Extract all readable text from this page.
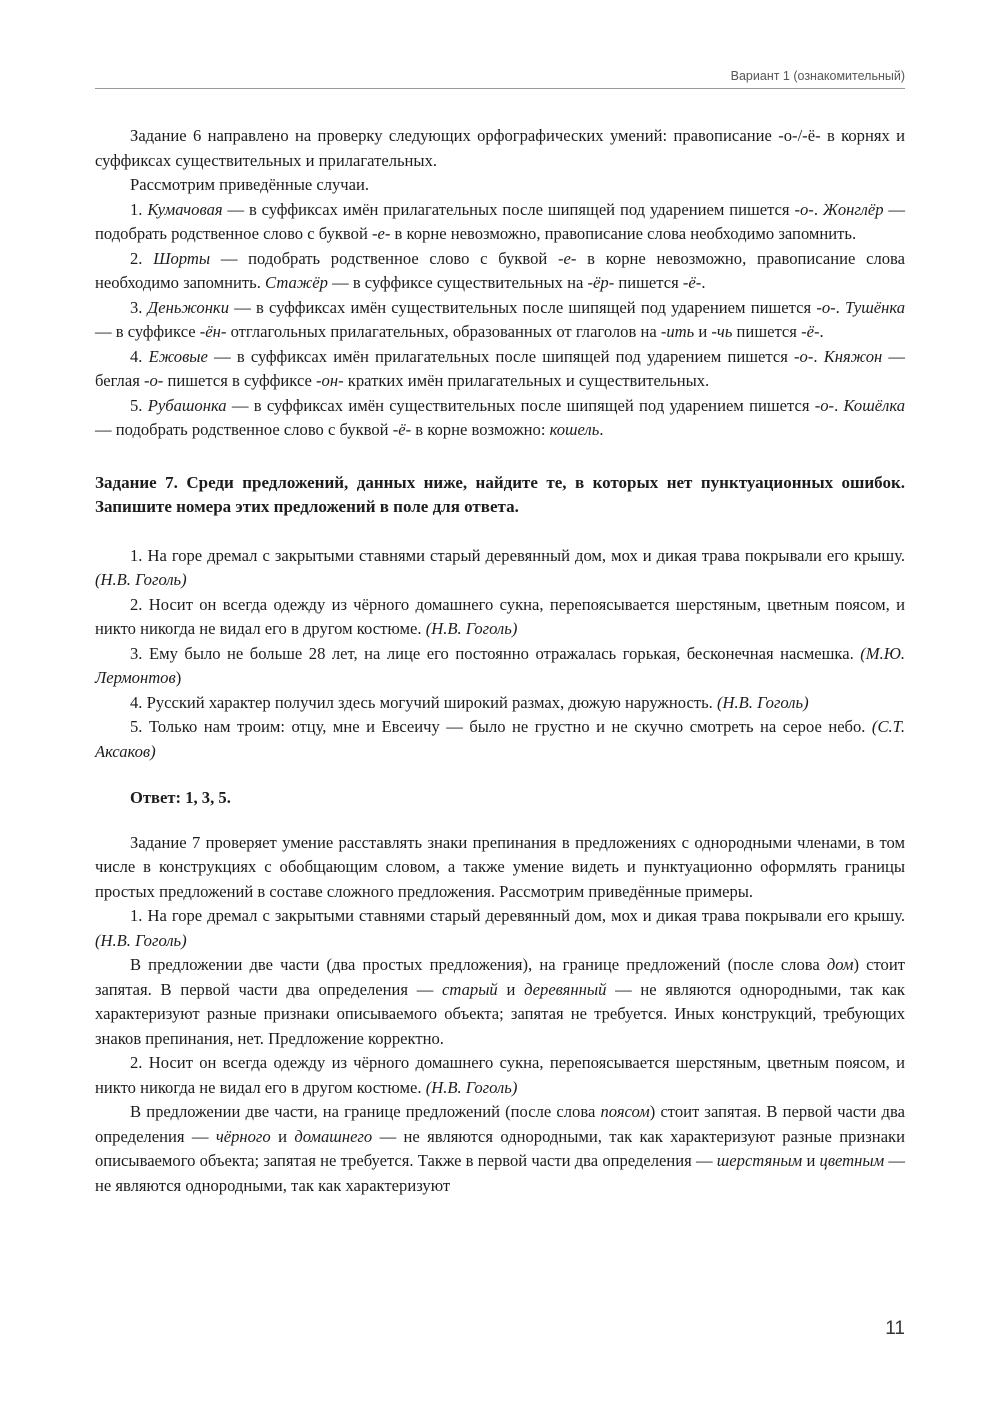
Вариант 1 (ознакомительный)

Задание 6 направлено на проверку следующих орфографических умений: правописание -о-/-ё- в корнях и суффиксах существительных и прилагательных.

Рассмотрим приведённые случаи.

1. Кумачовая — в суффиксах имён прилагательных после шипящей под ударением пишется -о-. Жонглёр — подобрать родственное слово с буквой -е- в корне невозможно, правописание слова необходимо запомнить.

2. Шорты — подобрать родственное слово с буквой -е- в корне невозможно, правописание слова необходимо запомнить. Стажёр — в суффиксе существительных на -ёр- пишется -ё-.

3. Деньжонки — в суффиксах имён существительных после шипящей под ударением пишется -о-. Тушёнка — в суффиксе -ён- отглагольных прилагательных, образованных от глаголов на -ить и -чь пишется -ё-.

4. Ежовые — в суффиксах имён прилагательных после шипящей под ударением пишется -о-. Княжон — беглая -о- пишется в суффиксе -он- кратких имён прилагательных и существительных.

5. Рубашонка — в суффиксах имён существительных после шипящей под ударением пишется -о-. Кошёлка — подобрать родственное слово с буквой -ё- в корне возможно: кошель.

Задание 7. Среди предложений, данных ниже, найдите те, в которых нет пунктуационных ошибок. Запишите номера этих предложений в поле для ответа.

1. На горе дремал с закрытыми ставнями старый деревянный дом, мох и дикая трава покрывали его крышу. (Н.В. Гоголь)

2. Носит он всегда одежду из чёрного домашнего сукна, перепоясывается шерстяным, цветным поясом, и никто никогда не видал его в другом костюме. (Н.В. Гоголь)

3. Ему было не больше 28 лет, на лице его постоянно отражалась горькая, бесконечная насмешка. (М.Ю. Лермонтов)

4. Русский характер получил здесь могучий широкий размах, дюжую наружность. (Н.В. Гоголь)

5. Только нам троим: отцу, мне и Евсеичу — было не грустно и не скучно смотреть на серое небо. (С.Т. Аксаков)

Ответ: 1, 3, 5.

Задание 7 проверяет умение расставлять знаки препинания в предложениях с однородными членами, в том числе в конструкциях с обобщающим словом, а также умение видеть и пунктуационно оформлять границы простых предложений в составе сложного предложения. Рассмотрим приведённые примеры.

1. На горе дремал с закрытыми ставнями старый деревянный дом, мох и дикая трава покрывали его крышу. (Н.В. Гоголь)

В предложении две части (два простых предложения), на границе предложений (после слова дом) стоит запятая. В первой части два определения — старый и деревянный — не являются однородными, так как характеризуют разные признаки описываемого объекта; запятая не требуется. Иных конструкций, требующих знаков препинания, нет. Предложение корректно.

2. Носит он всегда одежду из чёрного домашнего сукна, перепоясывается шерстяным, цветным поясом, и никто никогда не видал его в другом костюме. (Н.В. Гоголь)

В предложении две части, на границе предложений (после слова поясом) стоит запятая. В первой части два определения — чёрного и домашнего — не являются однородными, так как характеризуют разные признаки описываемого объекта; запятая не требуется. Также в первой части два определения — шерстяным и цветным — не являются однородными, так как характеризуют

11
